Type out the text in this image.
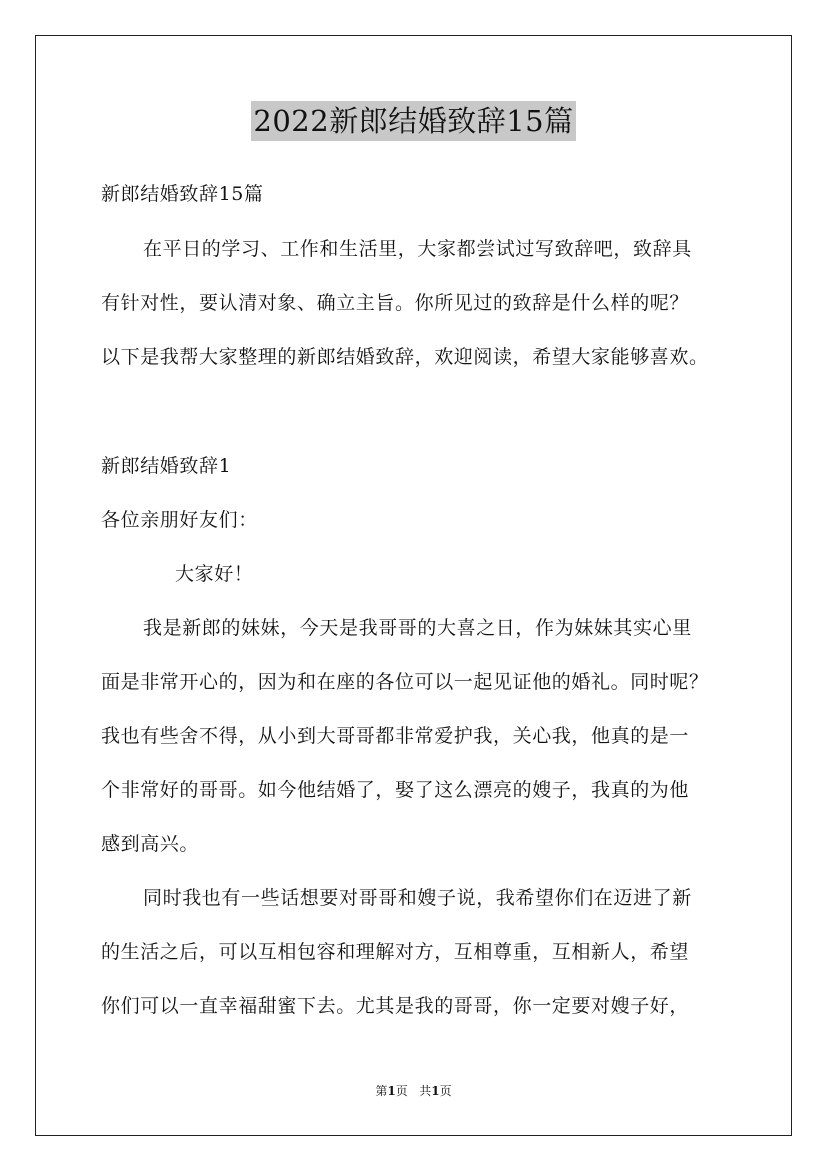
2022新郎结婚致辞15篇
新郎结婚致辞15篇
在平日的学习、工作和生活里，大家都尝试过写致辞吧，致辞具
有针对性，要认清对象、确立主旨。你所见过的致辞是什么样的呢？
以下是我帮大家整理的新郎结婚致辞，欢迎阅读，希望大家能够喜欢。
新郎结婚致辞1
各位亲朋好友们：
大家好！
我是新郎的妹妹，今天是我哥哥的大喜之日，作为妹妹其实心里
面是非常开心的，因为和在座的各位可以一起见证他的婚礼。同时呢？
我也有些舍不得，从小到大哥哥都非常爱护我，关心我，他真的是一
个非常好的哥哥。如今他结婚了，娶了这么漂亮的嫂子，我真的为他
感到高兴。
同时我也有一些话想要对哥哥和嫂子说，我希望你们在迈进了新
的生活之后，可以互相包容和理解对方，互相尊重，互相新人，希望
你们可以一直幸福甜蜜下去。尤其是我的哥哥，你一定要对嫂子好，
第1页 共1页
